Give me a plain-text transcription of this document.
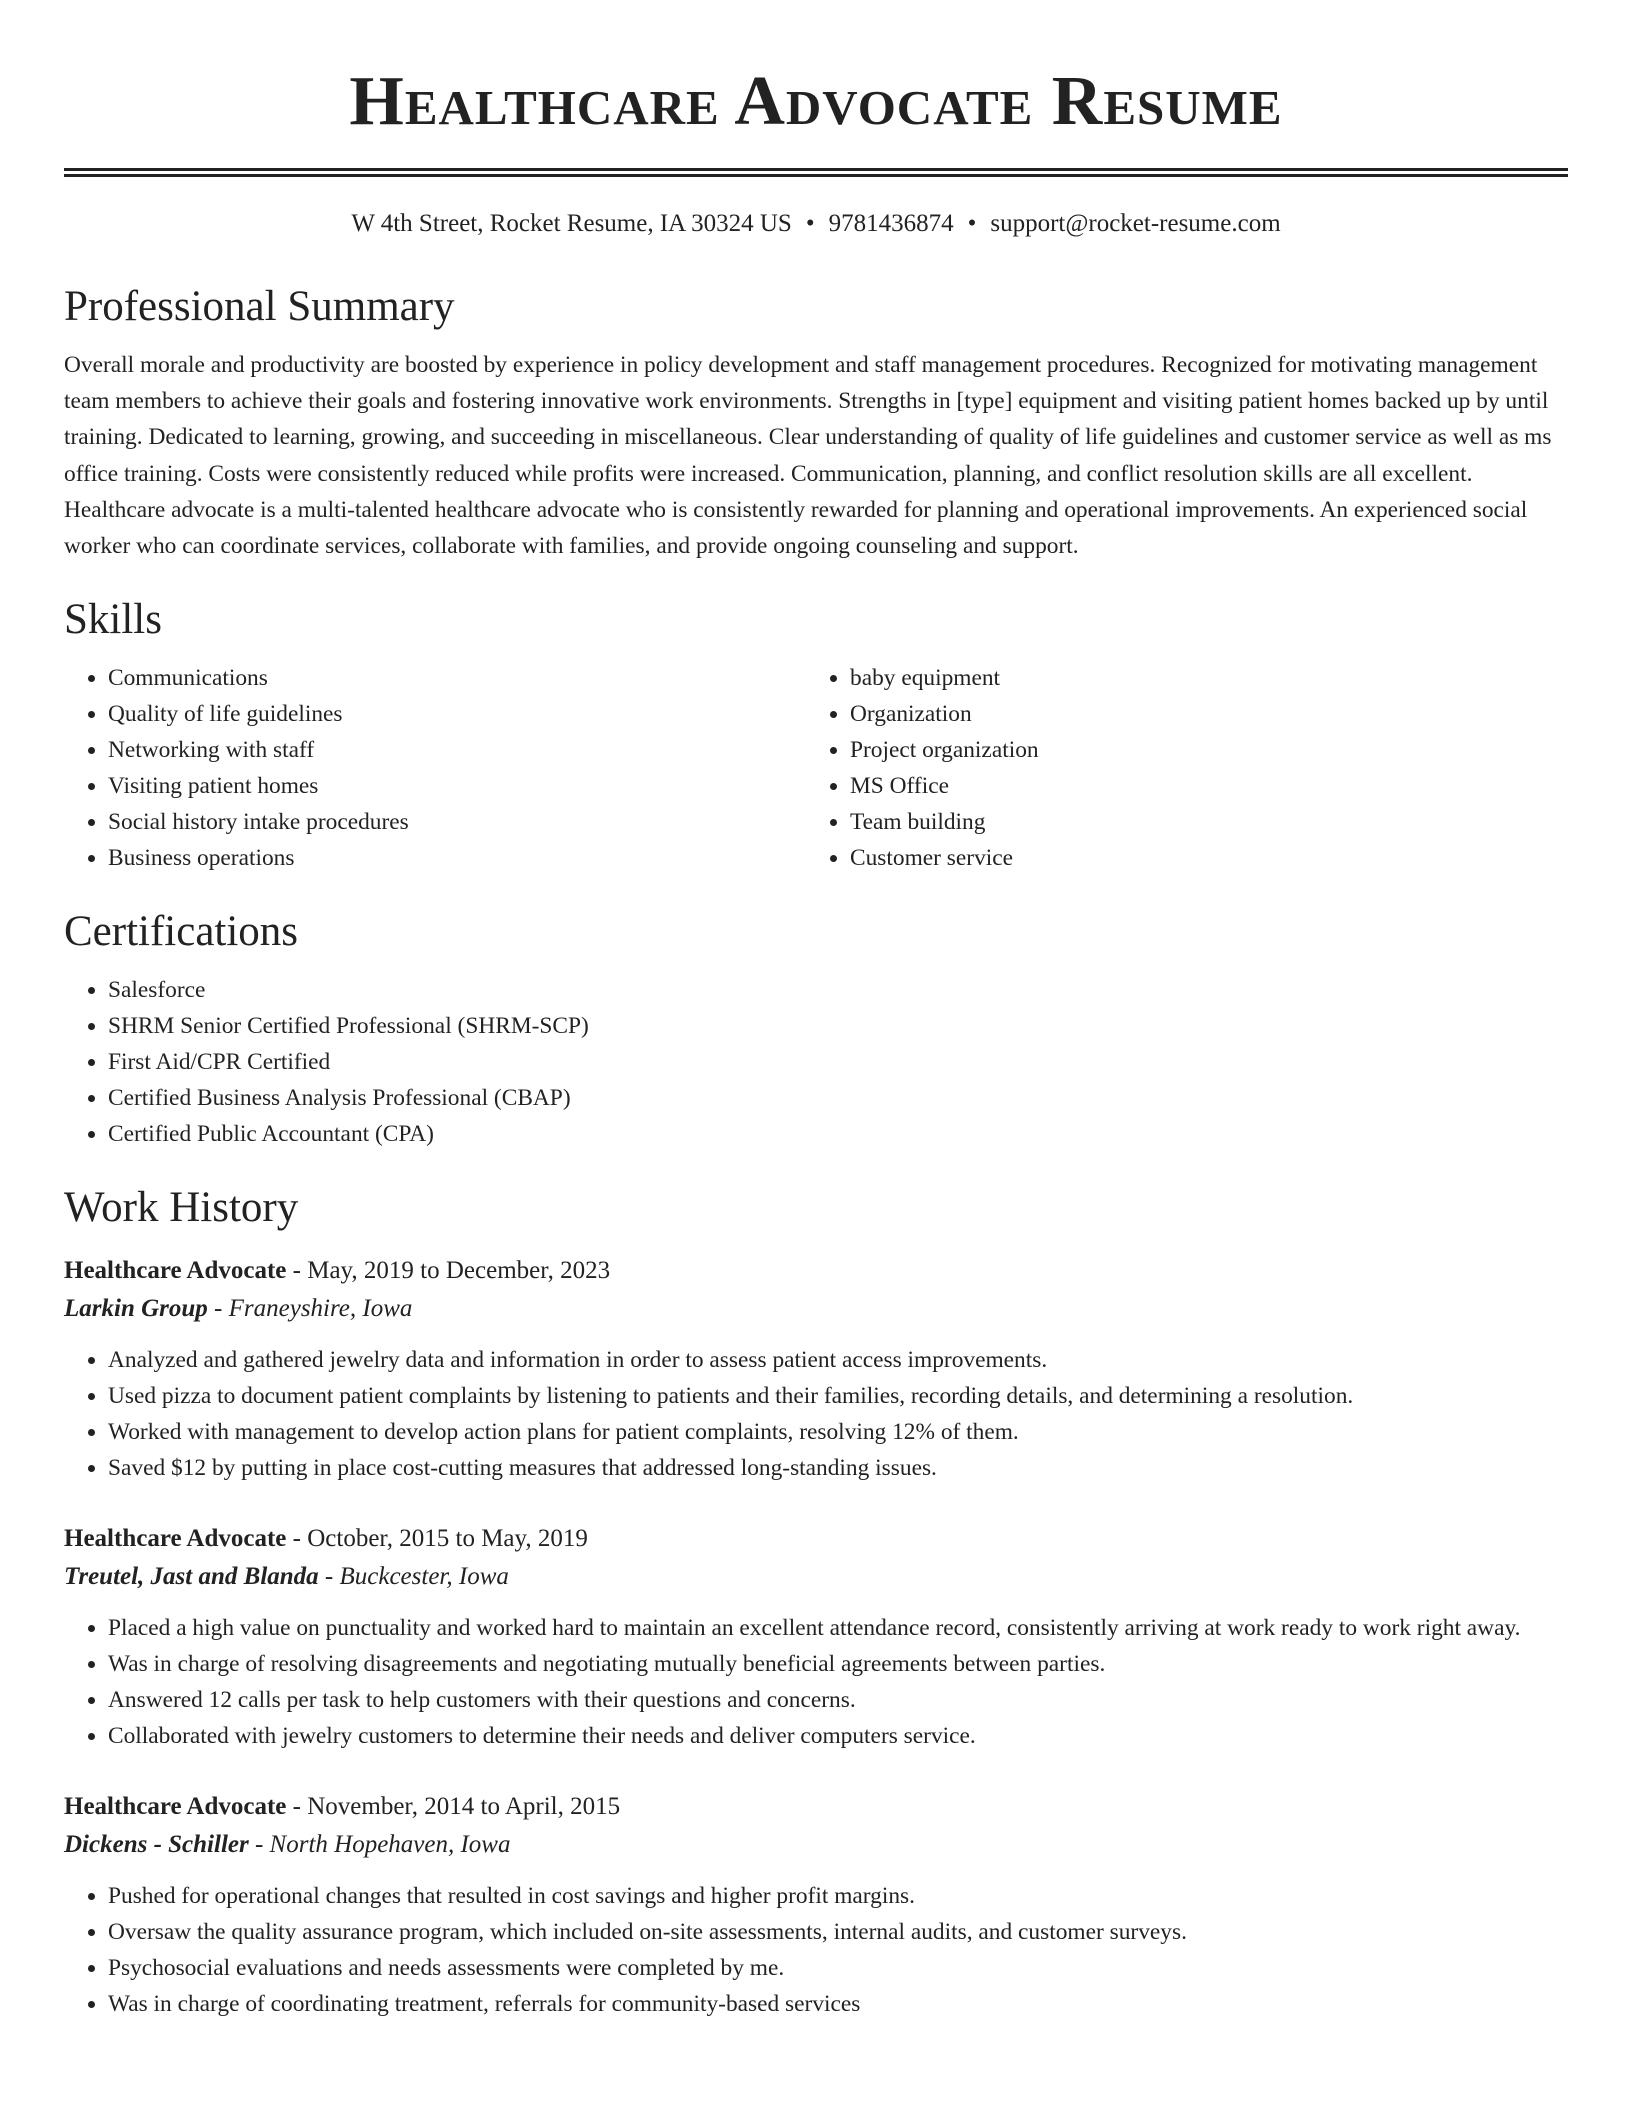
Healthcare Advocate Resume
W 4th Street, Rocket Resume, IA 30324 US • 9781436874 • support@rocket-resume.com
Professional Summary

Overall morale and productivity are boosted by experience in policy development and staff management procedures. Recognized for motivating management team members to achieve their goals and fostering innovative work environments. Strengths in [type] equipment and visiting patient homes backed up by until training. Dedicated to learning, growing, and succeeding in miscellaneous. Clear understanding of quality of life guidelines and customer service as well as ms office training. Costs were consistently reduced while profits were increased. Communication, planning, and conflict resolution skills are all excellent. Healthcare advocate is a multi-talented healthcare advocate who is consistently rewarded for planning and operational improvements. An experienced social worker who can coordinate services, collaborate with families, and provide ongoing counseling and support.

Skills
• Communications
• Quality of life guidelines
• Networking with staff
• Visiting patient homes
• Social history intake procedures
• Business operations
• baby equipment
• Organization
• Project organization
• MS Office
• Team building
• Customer service
Certifications
• Salesforce
• SHRM Senior Certified Professional (SHRM-SCP)
• First Aid/CPR Certified
• Certified Business Analysis Professional (CBAP)
• Certified Public Accountant (CPA)
Work History
Healthcare Advocate - May, 2019 to December, 2023
Larkin Group - Franeyshire, Iowa
• Analyzed and gathered jewelry data and information in order to assess patient access improvements.
• Used pizza to document patient complaints by listening to patients and their families, recording details, and determining a resolution.
• Worked with management to develop action plans for patient complaints, resolving 12% of them.
• Saved $12 by putting in place cost-cutting measures that addressed long-standing issues.
Healthcare Advocate - October, 2015 to May, 2019
Treutel, Jast and Blanda - Buckcester, Iowa
• Placed a high value on punctuality and worked hard to maintain an excellent attendance record, consistently arriving at work ready to work right away.
• Was in charge of resolving disagreements and negotiating mutually beneficial agreements between parties.
• Answered 12 calls per task to help customers with their questions and concerns.
• Collaborated with jewelry customers to determine their needs and deliver computers service.
Healthcare Advocate - November, 2014 to April, 2015
Dickens - Schiller - North Hopehaven, Iowa
• Pushed for operational changes that resulted in cost savings and higher profit margins.
• Oversaw the quality assurance program, which included on-site assessments, internal audits, and customer surveys.
• Psychosocial evaluations and needs assessments were completed by me.
• Was in charge of coordinating treatment, referrals for community-based services
